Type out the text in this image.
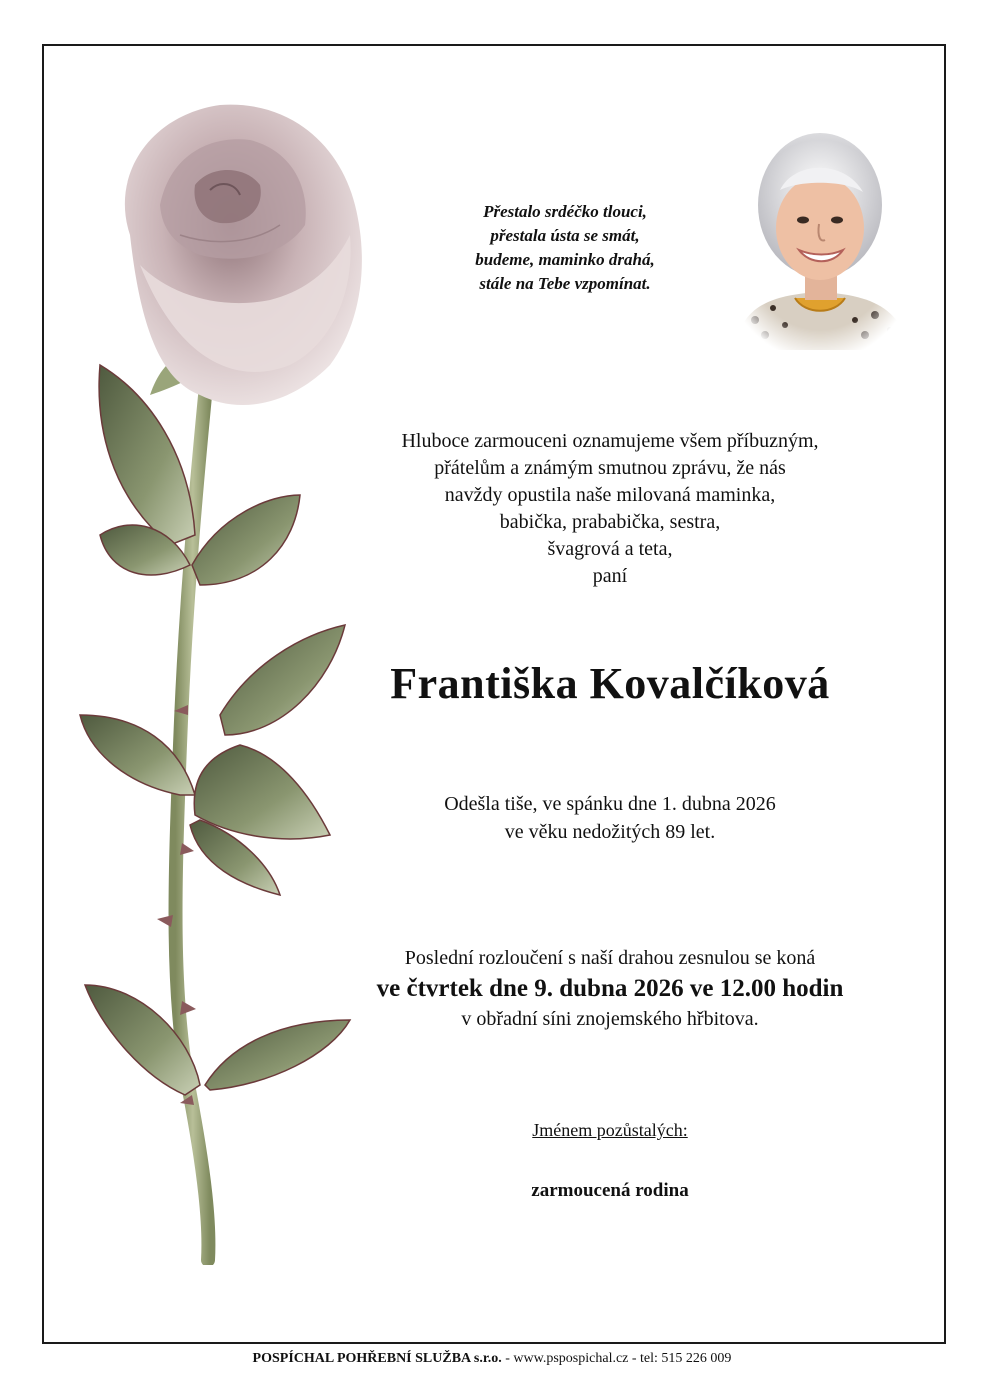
Přestalo srdéčko tlouci,
přestala ústa se smát,
budeme, maminko drahá,
stále na Tebe vzpomínat.
Hluboce zarmouceni oznamujeme všem příbuzným,
přátelům a známým smutnou zprávu, že nás
navždy opustila naše milovaná maminka,
babička, prababička, sestra,
švagrová a teta,
paní
Františka Kovalčíková
Odešla tiše, ve spánku dne 1. dubna 2026
ve věku nedožitých 89 let.
Poslední rozloučení s naší drahou zesnulou se koná
ve čtvrtek dne 9. dubna 2026 ve 12.00 hodin
v obřadní síni znojemského hřbitova.
Jménem pozůstalých:
zarmoucená rodina
POSPÍCHAL POHŘEBNÍ SLUŽBA s.r.o. - www.pspospichal.cz - tel: 515 226 009
